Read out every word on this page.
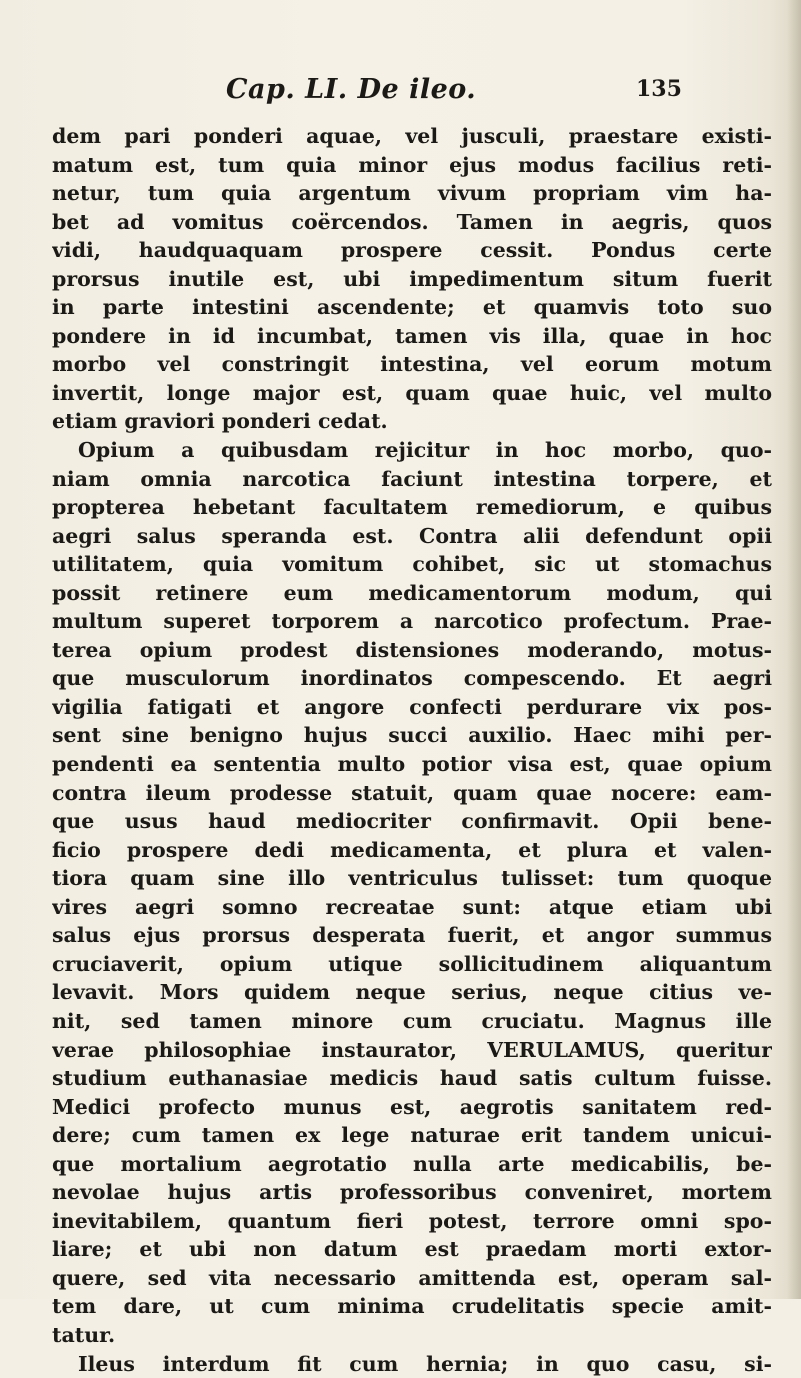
Cap. LI. De ileo.	135
dem pari ponderi aquae, vel jusculi, praestare existi-
matum est, tum quia minor ejus modus facilius reti-
netur, tum quia argentum vivum propriam vim ha-
bet ad vomitus coërcendos. Tamen in aegris, quos
vidi, haudquaquam prospere cessit. Pondus certe
prorsus inutile est, ubi impedimentum situm fuerit
in parte intestini ascendente; et quamvis toto suo
pondere in id incumbat, tamen vis illa, quae in hoc
morbo vel constringit intestina, vel eorum motum
invertit, longe major est, quam quae huic, vel multo
etiam graviori ponderi cedat.
Opium a quibusdam rejicitur in hoc morbo, quo-
niam omnia narcotica faciunt intestina torpere, et
propterea hebetant facultatem remediorum, e quibus
aegri salus speranda est. Contra alii defendunt opii
utilitatem, quia vomitum cohibet, sic ut stomachus
possit retinere eum medicamentorum modum, qui
multum superet torporem a narcotico profectum. Prae-
terea opium prodest distensiones moderando, motus-
que musculorum inordinatos compescendo. Et aegri
vigilia fatigati et angore confecti perdurare vix pos-
sent sine benigno hujus succi auxilio. Haec mihi per-
pendenti ea sententia multo potior visa est, quae opium
contra ileum prodesse statuit, quam quae nocere: eam-
que usus haud mediocriter confirmavit. Opii bene-
ficio prospere dedi medicamenta, et plura et valen-
tiora quam sine illo ventriculus tulisset: tum quoque
vires aegri somno recreatae sunt: atque etiam ubi
salus ejus prorsus desperata fuerit, et angor summus
cruciaverit, opium utique sollicitudinem aliquantum
levavit. Mors quidem neque serius, neque citius ve-
nit, sed tamen minore cum cruciatu. Magnus ille
verae philosophiae instaurator, VERULAMUS, queritur
studium euthanasiae medicis haud satis cultum fuisse.
Medici profecto munus est, aegrotis sanitatem red-
dere; cum tamen ex lege naturae erit tandem unicui-
que mortalium aegrotatio nulla arte medicabilis, be-
nevolae hujus artis professoribus conveniret, mortem
inevitabilem, quantum fieri potest, terrore omni spo-
liare; et ubi non datum est praedam morti extor-
quere, sed vita necessario amittenda est, operam sal-
tem dare, ut cum minima crudelitatis specie amit-
tatur.
Ileus interdum fit cum hernia; in quo casu, si-
